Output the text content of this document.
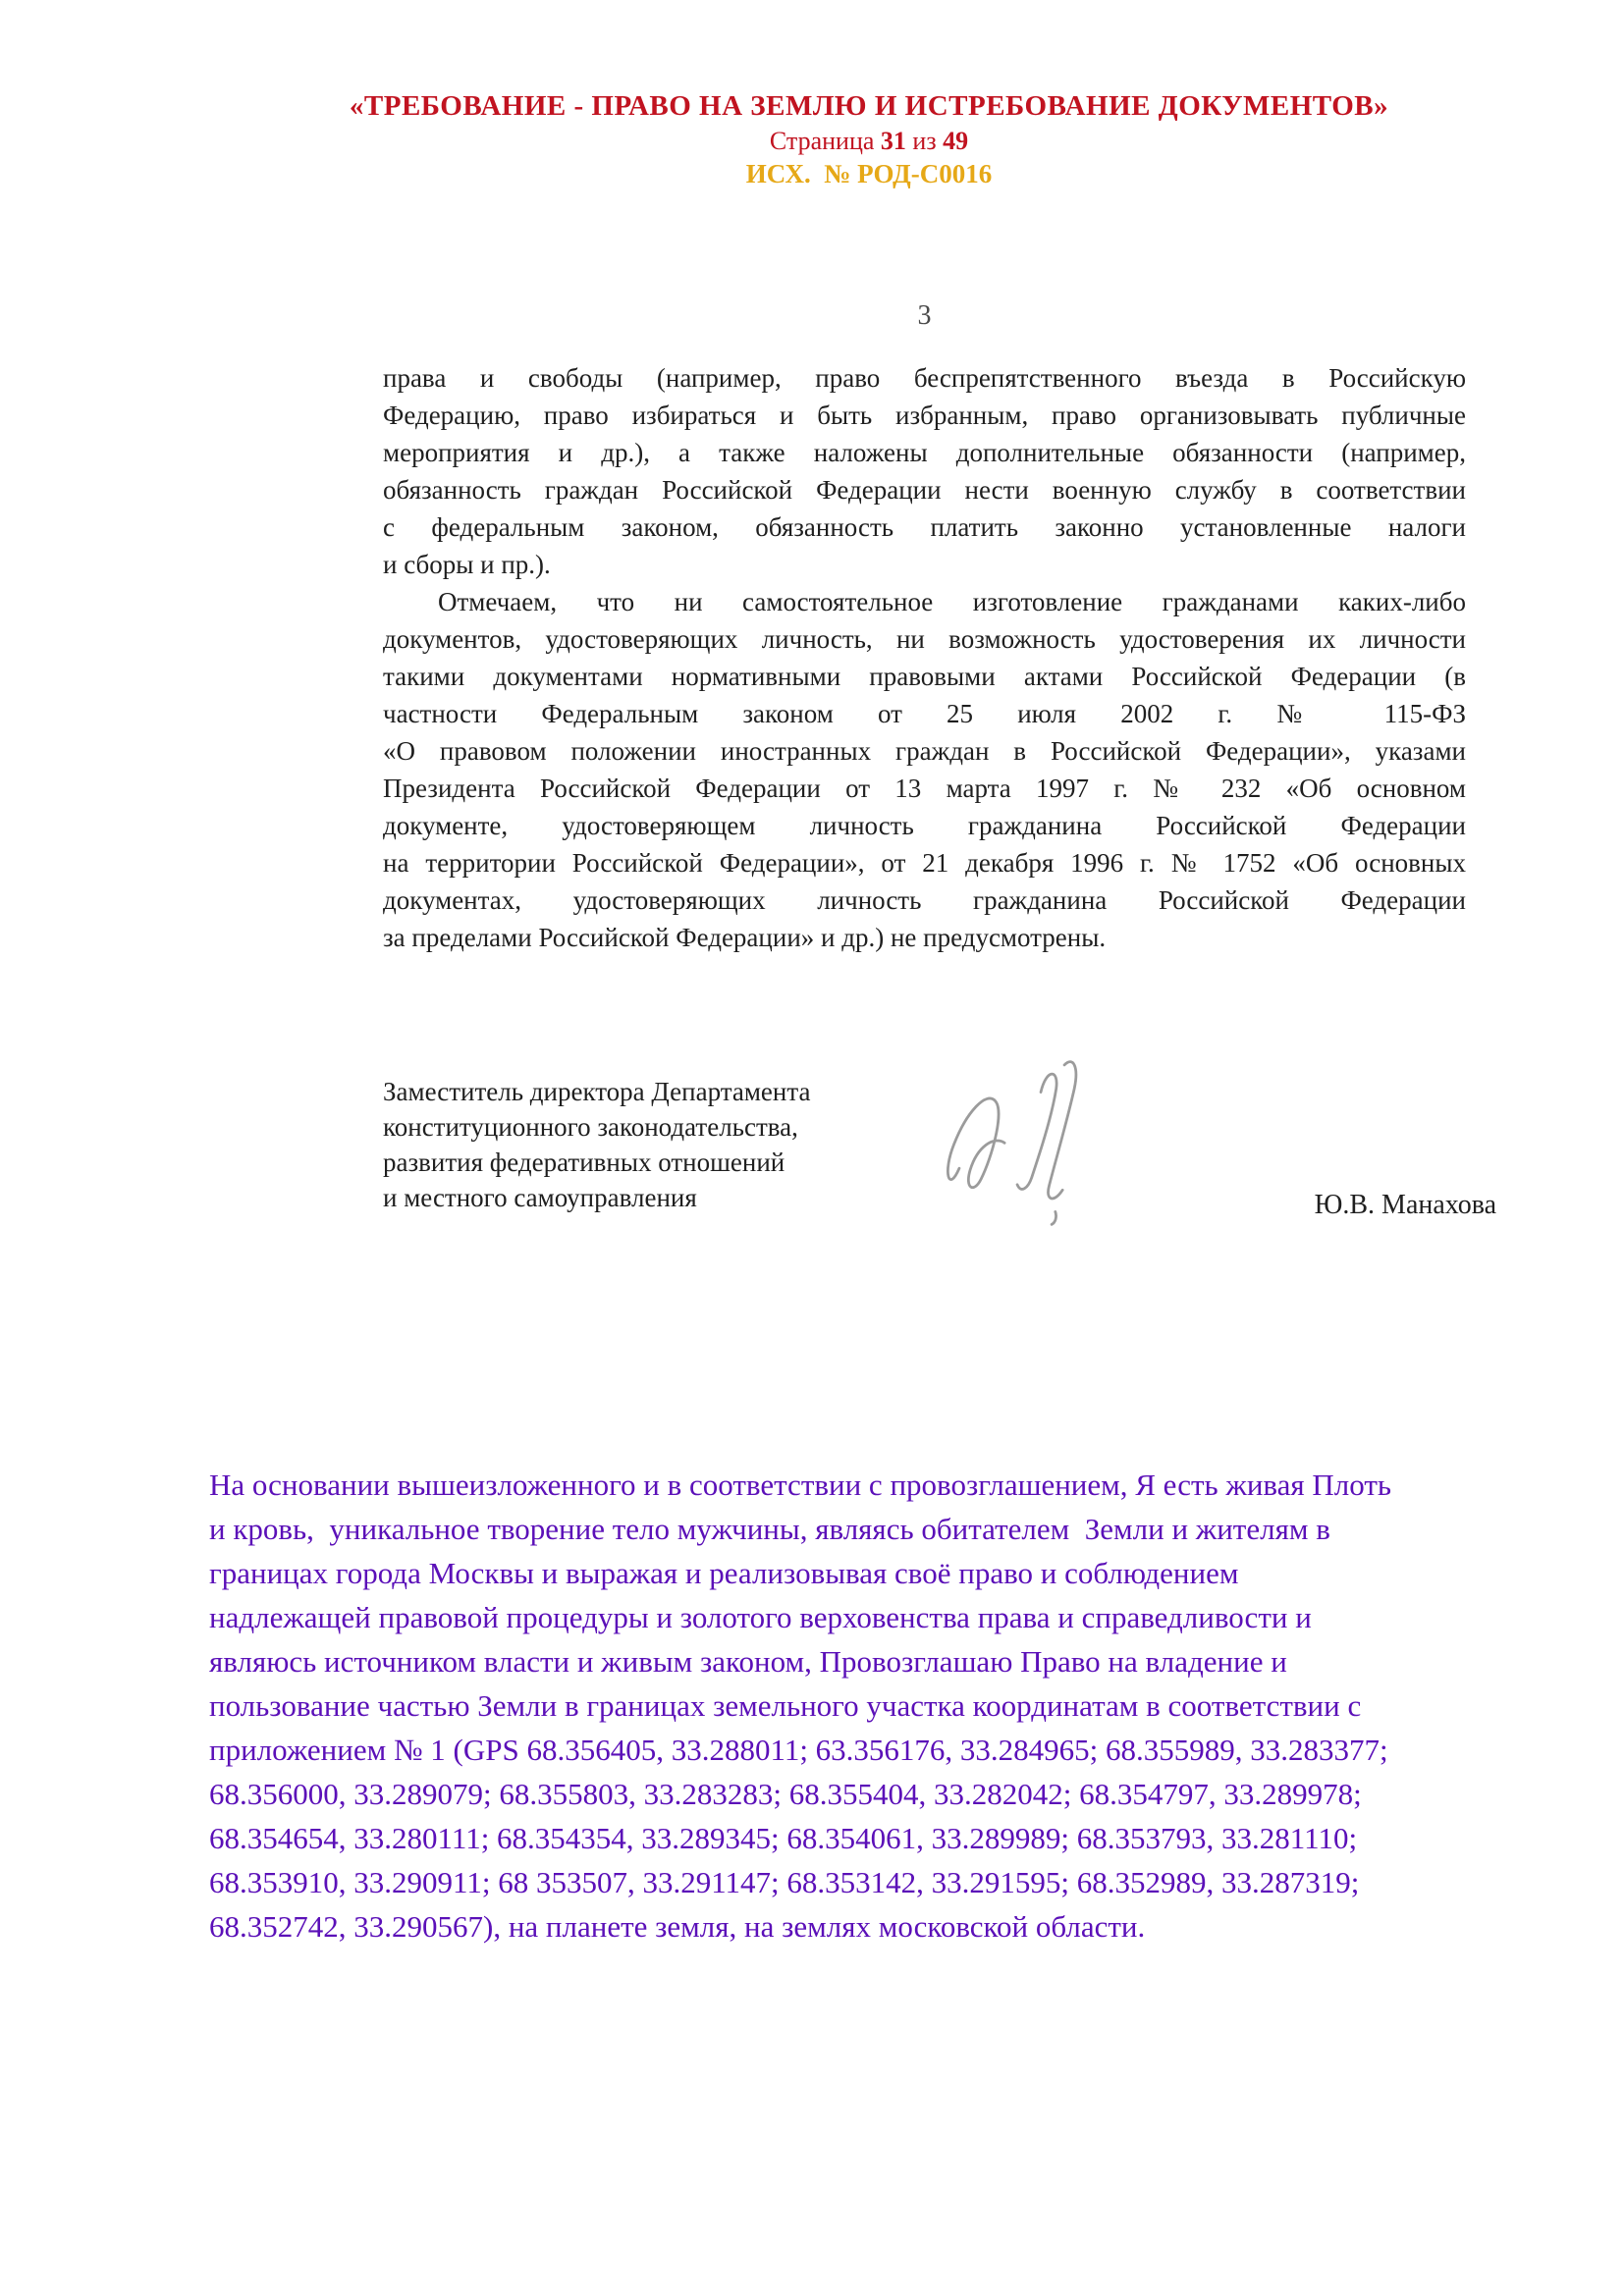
«ТРЕБОВАНИЕ - ПРАВО НА ЗЕМЛЮ И ИСТРЕБОВАНИЕ ДОКУМЕНТОВ»
Страница 31 из 49
ИСХ.  № РОД-С0016
3
права и свободы (например, право беспрепятственного въезда в Российскую
Федерацию, право избираться и быть избранным, право организовывать публичные
мероприятия и др.), а также наложены дополнительные обязанности (например,
обязанность граждан Российской Федерации нести военную службу в соответствии
с федеральным законом, обязанность платить законно установленные налоги
и сборы и пр.).
Отмечаем, что ни самостоятельное изготовление гражданами каких-либо
документов, удостоверяющих личность, ни возможность удостоверения их личности
такими документами нормативными правовыми актами Российской Федерации (в
частности Федеральным законом от 25 июля 2002 г. № 115-ФЗ
«О правовом положении иностранных граждан в Российской Федерации», указами
Президента Российской Федерации от 13 марта 1997 г. № 232 «Об основном
документе, удостоверяющем личность гражданина Российской Федерации
на территории Российской Федерации», от 21 декабря 1996 г. № 1752 «Об основных
документах, удостоверяющих личность гражданина Российской Федерации
за пределами Российской Федерации» и др.) не предусмотрены.
Заместитель директора Департамента
конституционного законодательства,
развития федеративных отношений
и местного самоуправления	Ю.В. Манахова
На основании вышеизложенного и в соответствии с провозглашением, Я есть живая Плоть
и кровь,  уникальное творение тело мужчины, являясь обитателем  Земли и жителям в
границах города Москвы и выражая и реализовывая своё право и соблюдением
надлежащей правовой процедуры и золотого верховенства права и справедливости и
являюсь источником власти и живым законом, Провозглашаю Право на владение и
пользование частью Земли в границах земельного участка координатам в соответствии с
приложением № 1 (GPS 68.356405, 33.288011; 63.356176, 33.284965; 68.355989, 33.283377;
68.356000, 33.289079; 68.355803, 33.283283; 68.355404, 33.282042; 68.354797, 33.289978;
68.354654, 33.280111; 68.354354, 33.289345; 68.354061, 33.289989; 68.353793, 33.281110;
68.353910, 33.290911; 68 353507, 33.291147; 68.353142, 33.291595; 68.352989, 33.287319;
68.352742, 33.290567), на планете земля, на землях московской области.
